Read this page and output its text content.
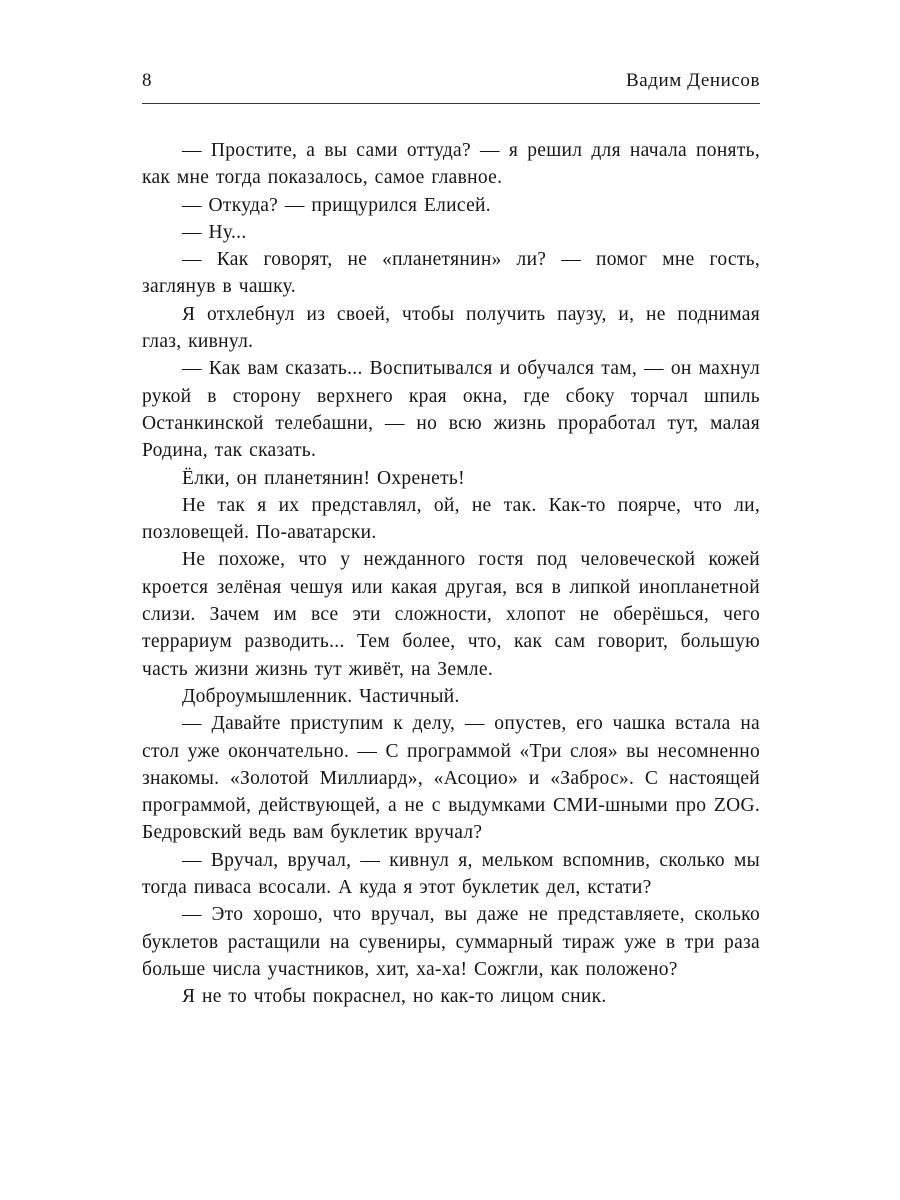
8	Вадим Денисов

— Простите, а вы сами оттуда? — я решил для начала понять, как мне тогда показалось, самое главное.

— Откуда? — прищурился Елисей.

— Ну...

— Как говорят, не «планетянин» ли? — помог мне гость, заглянув в чашку.

Я отхлебнул из своей, чтобы получить паузу, и, не поднимая глаз, кивнул.

— Как вам сказать... Воспитывался и обучался там, — он махнул рукой в сторону верхнего края окна, где сбоку торчал шпиль Останкинской телебашни, — но всю жизнь проработал тут, малая Родина, так сказать.

Ёлки, он планетянин! Охренеть!

Не так я их представлял, ой, не так. Как-то поярче, что ли, позловещей. По-аватарски.

Не похоже, что у нежданного гостя под человеческой кожей кроется зелёная чешуя или какая другая, вся в липкой инопланетной слизи. Зачем им все эти сложности, хлопот не оберёшься, чего террариум разводить... Тем более, что, как сам говорит, большую часть жизни жизнь тут живёт, на Земле.

Доброумышленник. Частичный.

— Давайте приступим к делу, — опустев, его чашка встала на стол уже окончательно. — С программой «Три слоя» вы несомненно знакомы. «Золотой Миллиард», «Асоцио» и «Заброс». С настоящей программой, действующей, а не с выдумками СМИ-шными про ZOG. Бедровский ведь вам буклетик вручал?

— Вручал, вручал, — кивнул я, мельком вспомнив, сколько мы тогда пиваса всосали. А куда я этот буклетик дел, кстати?

— Это хорошо, что вручал, вы даже не представляете, сколько буклетов растащили на сувениры, суммарный тираж уже в три раза больше числа участников, хит, ха-ха! Сожгли, как положено?

Я не то чтобы покраснел, но как-то лицом сник.
